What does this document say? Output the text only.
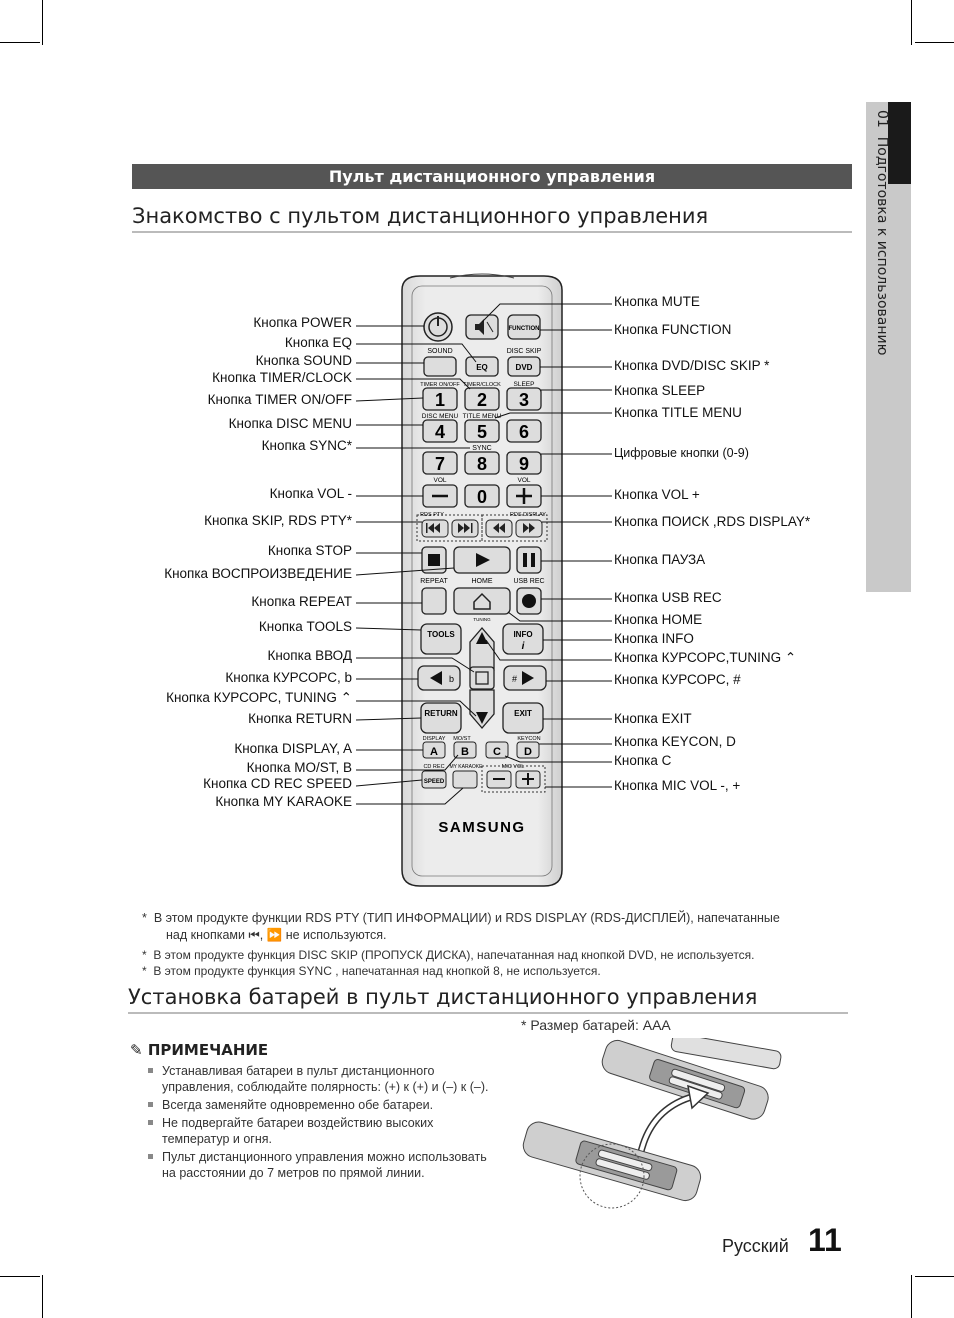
01  Подготовка к использованию
Пульт дистанционного управления
Знакомство с пультом дистанционного управления
FUNCTION
SOUND	DISC SKIP
EQ	DVD
TIMER ON/OFF TIMER/CLOCK SLEEP
1 2 3
DISC MENU TITLE MENU
4 5 6
SYNC
7 8 9
VOL	VOL
0
RDS PTY	RDS DISPLAY
REPEAT	HOME	USB REC
TOOLS	INFO
i
TUNING
b	#
RETURN	EXIT
DISPLAY MO/ST	KEYCON
A B C D
CD REC MY KARAOKE	MIC VOL
SPEED
SAMSUNG
Кнопка POWER
Кнопка EQ
Кнопка SOUND
Кнопка TIMER/CLOCK
Кнопка TIMER ON/OFF
Кнопка DISC MENU
Кнопка SYNC*
Кнопка VOL -
Кнопка SKIP, RDS PTY*
Кнопка STOP
Кнопка ВОСПРОИЗВЕДЕНИЕ
Кнопка REPEAT
Кнопка TOOLS
Кнопка ВВОД
Кнопка КУРСОРС, b
Кнопка КУРСОРС, TUNING ⌃
Кнопка RETURN
Кнопка DISPLAY, A
Кнопка MO/ST, B
Кнопка CD REC SPEED
Кнопка MY KARAOKE
Кнопка MUTE
Кнопка FUNCTION
Кнопка DVD/DISC SKIP *
Кнопка SLEEP
Кнопка TITLE MENU
Цифровые кнопки (0-9)
Кнопка VOL +
Кнопка ПОИСК ,RDS DISPLAY*
Кнопка ПАУЗА
Кнопка USB REC
Кнопка HOME
Кнопка INFO
Кнопка КУРСОРС,TUNING ⌃
Кнопка КУРСОРС, #
Кнопка EXIT
Кнопка KEYCON, D
Кнопка C
Кнопка MIC VOL -, +
*  В этом продукте функции RDS PTY (ТИП ИНФОРМАЦИИ) и RDS DISPLAY (RDS-ДИСПЛЕЙ), напечатанные
над кнопками ⏮, ⏩ не используются.
*  В этом продукте функция DISC SKIP (ПРОПУСК ДИСКА), напечатанная над кнопкой DVD, не используется.
*  В этом продукте функция SYNC , напечатанная над кнопкой 8, не используется.
Установка батарей в пульт дистанционного управления
* Размер батарей: AAA
✎ ПРИМЕЧАНИЕ
Устанавливая батареи в пульт дистанционного управления, соблюдайте полярность: (+) к (+) и (–) к (–).
Всегда заменяйте одновременно обе батареи.
Не подвергайте батареи воздействию высоких температур и огня.
Пульт дистанционного управления можно использовать на расстоянии до 7 метров по прямой линии.
Русский 11
